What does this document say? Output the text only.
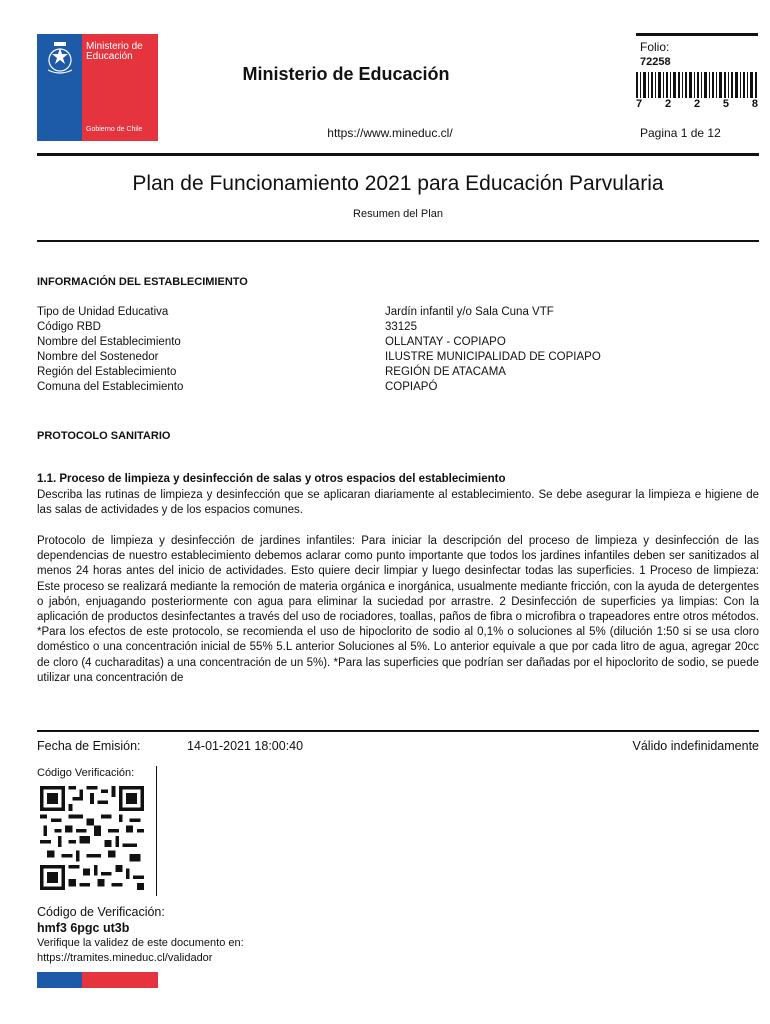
Ministerio de Educación
Gobierno de Chile
Ministerio de Educación
https://www.mineduc.cl/
Folio:
72258
7 2 2 5 8
Pagina 1 de 12
Plan de Funcionamiento 2021 para Educación Parvularia
Resumen del Plan
INFORMACIÓN DEL ESTABLECIMIENTO
Tipo de Unidad Educativa	Jardín infantil y/o Sala Cuna VTF
Código RBD	33125
Nombre del Establecimiento	OLLANTAY - COPIAPO
Nombre del Sostenedor	ILUSTRE MUNICIPALIDAD DE COPIAPO
Región del Establecimiento	REGIÓN DE ATACAMA
Comuna del Establecimiento	COPIAPÓ
PROTOCOLO SANITARIO
1.1. Proceso de limpieza y desinfección de salas y otros espacios del establecimiento
Describa las rutinas de limpieza y desinfección que se aplicaran diariamente al establecimiento. Se debe asegurar la limpieza e higiene de las salas de actividades y de los espacios comunes.
Protocolo de limpieza y desinfección de jardines infantiles: Para iniciar la descripción del proceso de limpieza y desinfección de las dependencias de nuestro establecimiento debemos aclarar como punto importante que todos los jardines infantiles deben ser sanitizados al menos 24 horas antes del inicio de actividades. Esto quiere decir limpiar y luego desinfectar todas las superficies. 1 Proceso de limpieza: Este proceso se realizará mediante la remoción de materia orgánica e inorgánica, usualmente mediante fricción, con la ayuda de detergentes o jabón, enjuagando posteriormente con agua para eliminar la suciedad por arrastre. 2 Desinfección de superficies ya limpias: Con la aplicación de productos desinfectantes a través del uso de rociadores, toallas, paños de fibra o microfibra o trapeadores entre otros métodos. *Para los efectos de este protocolo, se recomienda el uso de hipoclorito de sodio al 0,1% o soluciones al 5% (dilución 1:50 si se usa cloro doméstico o una concentración inicial de 55% 5.L anterior Soluciones al 5%. Lo anterior equivale a que por cada litro de agua, agregar 20cc de cloro (4 cucharaditas) a una concentración de un 5%). *Para las superficies que podrían ser dañadas por el hipoclorito de sodio, se puede utilizar una concentración de
Fecha de Emisión:	14-01-2021 18:00:40	Válido indefinidamente
Código Verificación:
Código de Verificación:
hmf3 6pgc ut3b
Verifique la validez de este documento en:
https://tramites.mineduc.cl/validador
